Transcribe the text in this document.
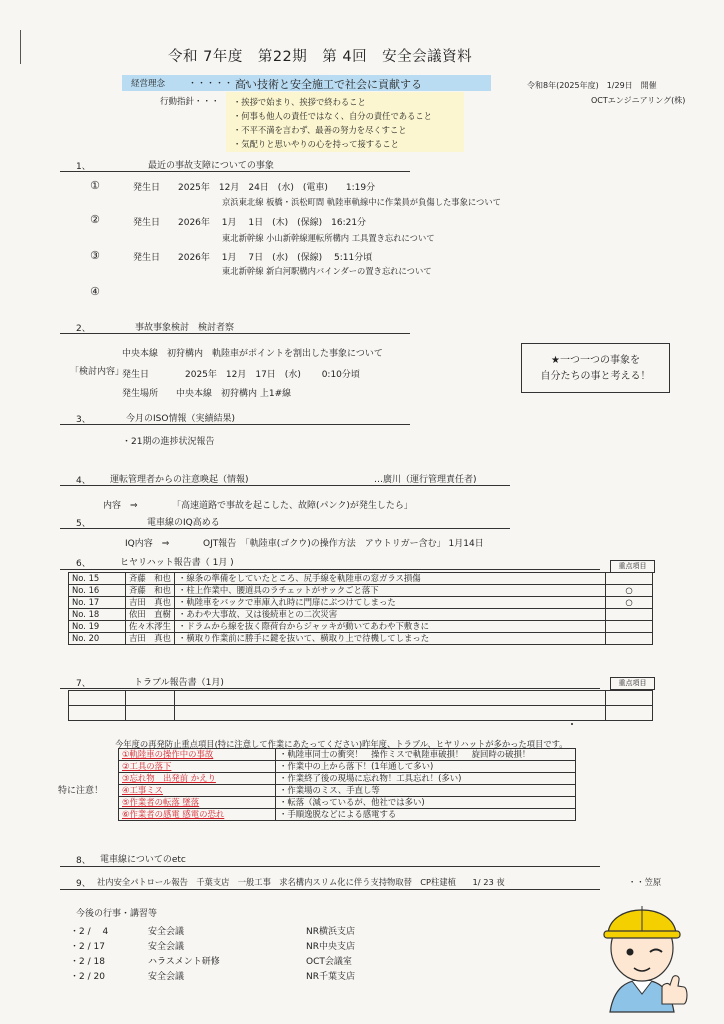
令和 7年度　第22期　第 4回　安全会議資料
令和8年(2025年度)　1/29日　開催
OCTエンジニアリング(株)
経営理念	・・・・・・・
高い技術と安全施工で社会に貢献する
行動指針・・・ ・挨拶で始まり、挨拶で終わること
・何事も他人の責任ではなく、自分の責任であること
・不平不満を言わず、最善の努力を尽くすこと
・気配りと思いやりの心を持って接すること
1、	最近の事故支障についての事象
①	発生日　　2025年　12月　24日　(水)　(電車)　　1:19分
京浜東北線 板橋・浜松町間 軌陸車軌線中に作業員が負傷した事象について
②	発生日　　2026年　 1月　 1日　(木)　(保線)　16:21分
東北新幹線 小山新幹線運転所構内 工具置き忘れについて
③	発生日　　2026年　 1月　 7日　(水)　(保線)　 5:11分頃
東北新幹線 新白河駅構内バインダーの置き忘れについて
④
2、	事故事象検討　検討者察
中央本線　初狩構内　軌陸車がポイントを割出した事象について
「検討内容」
発生日　　　　2025年　12月　17日　(水)　　 0:10分頃
発生場所　　中央本線　初狩構内 上1#線
★一つ一つの事象を
自分たちの事と考える！
3、	今月のISO情報（実績結果)
・21期の進捗状況報告
4、 運転管理者からの注意喚起（情報)	…廣川（運行管理責任者)
内容　⇒	「高速道路で事故を起こした、故障(パンク)が発生したら」
5、	電車線のIQ高める
IQ内容　⇒	OJT報告　「軌陸車(ゴクウ)の操作方法　アウトリガー含む」 1月14日
6、	ヒヤリハット報告書（ 1月 )	重点項目
No. 15	斉藤　和也	・線条の準備をしていたところ、尻手線を軌陸車の窓ガラス損傷	
No. 16	斉藤　和也	・柱上作業中、腰道具のラチェットがサックごと落下	○
No. 17	吉田　真也	・軌陸車をバックで車庫入れ時に門扉にぶつけてしまった	○
No. 18	依田　直樹	・あわや大事故、又は後続車との二次災害	
No. 19	佐々木澪生	・ドラムから線を抜く際荷台からジャッキが動いてあわや下敷きに	
No. 20	吉田　真也	・横取り作業前に勝手に鍵を抜いて、横取り上で待機してしまった	
7、	トラブル報告書（1月)	重点項目

今年度の再発防止重点項目(特に注意して作業にあたってください)昨年度、トラブル、ヒヤリハットが多かった項目です。
特に注意！
①軌陸車の操作中の事故	・軌陸車同士の衝突！　操作ミスで軌陸車破損！　旋回時の破損！
②工具の落下	・作業中の上から落下！(1年通して多い)
③忘れ物　出発前 かえり	・作業終了後の現場に忘れ物！工具忘れ！(多い)
④工事ミス	・作業場のミス、手直し等
⑤作業者の転落 墜落	・転落（減っているが、他社では多い)
⑥作業者の感電 感電の恐れ	・手順逸脱などによる感電する
8、 電車線についてのetc
9、 社内安全パトロール報告　千葉支店　一般工事　求名構内スリム化に伴う支持物取替　CP柱建植　　1/ 23 夜	・・笠原
今後の行事・講習等
・2 / 　4	安全会議	NR横浜支店
・2 / 17	安全会議	NR中央支店
・2 / 18	ハラスメント研修	OCT会議室
・2 / 20	安全会議	NR千葉支店
